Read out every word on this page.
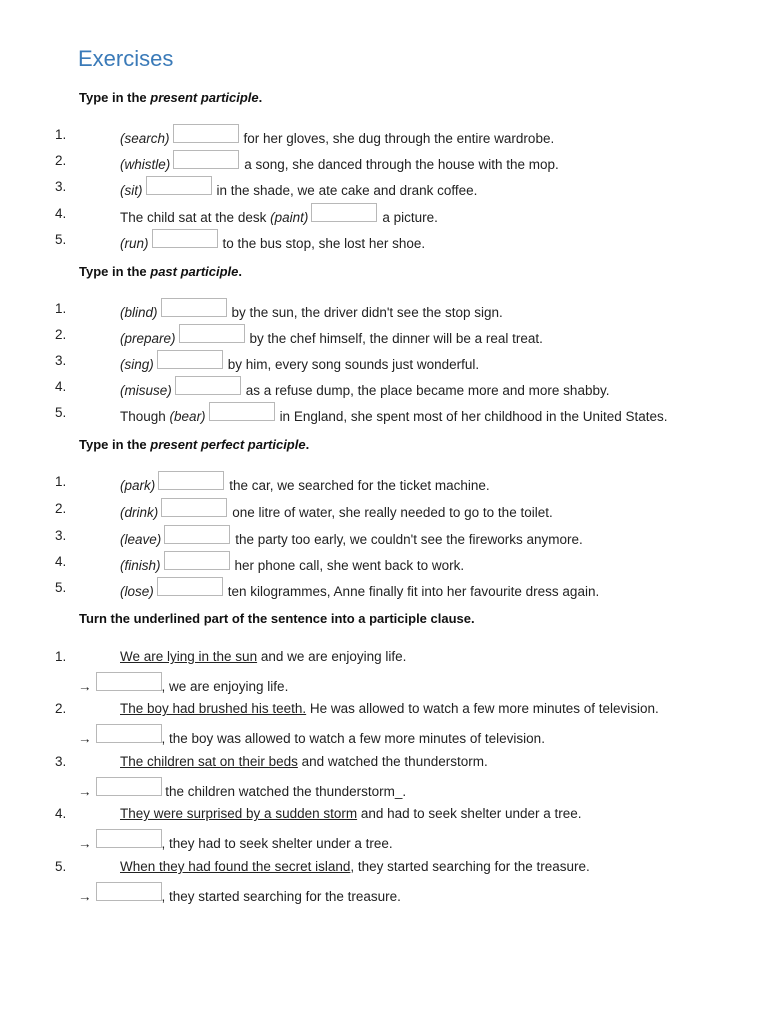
Exercises
Type in the present participle.
1.	(search)	for her gloves, she dug through the entire wardrobe.
2.	(whistle)	a song, she danced through the house with the mop.
3.	(sit)	in the shade, we ate cake and drank coffee.
4.	The child sat at the desk (paint)	a picture.
5.	(run)	to the bus stop, she lost her shoe.
Type in the past participle.
1.	(blind)	by the sun, the driver didn't see the stop sign.
2.	(prepare)	by the chef himself, the dinner will be a real treat.
3.	(sing)	by him, every song sounds just wonderful.
4.	(misuse)	as a refuse dump, the place became more and more shabby.
5.	Though (bear)	in England, she spent most of her childhood in the United States.
Type in the present perfect participle.
1.	(park)	the car, we searched for the ticket machine.
2.	(drink)	one litre of water, she really needed to go to the toilet.
3.	(leave)	the party too early, we couldn't see the fireworks anymore.
4.	(finish)	her phone call, she went back to work.
5.	(lose)	ten kilogrammes, Anne finally fit into her favourite dress again.
Turn the underlined part of the sentence into a participle clause.
1.	We are lying in the sun and we are enjoying life.
→	, we are enjoying life.
2.	The boy had brushed his teeth. He was allowed to watch a few more minutes of television.
→	, the boy was allowed to watch a few more minutes of television.
3.	The children sat on their beds and watched the thunderstorm.
→	the children watched the thunderstorm_.
4.	They were surprised by a sudden storm and had to seek shelter under a tree.
→	, they had to seek shelter under a tree.
5.	When they had found the secret island , they started searching for the treasure.
→	, they started searching for the treasure.
